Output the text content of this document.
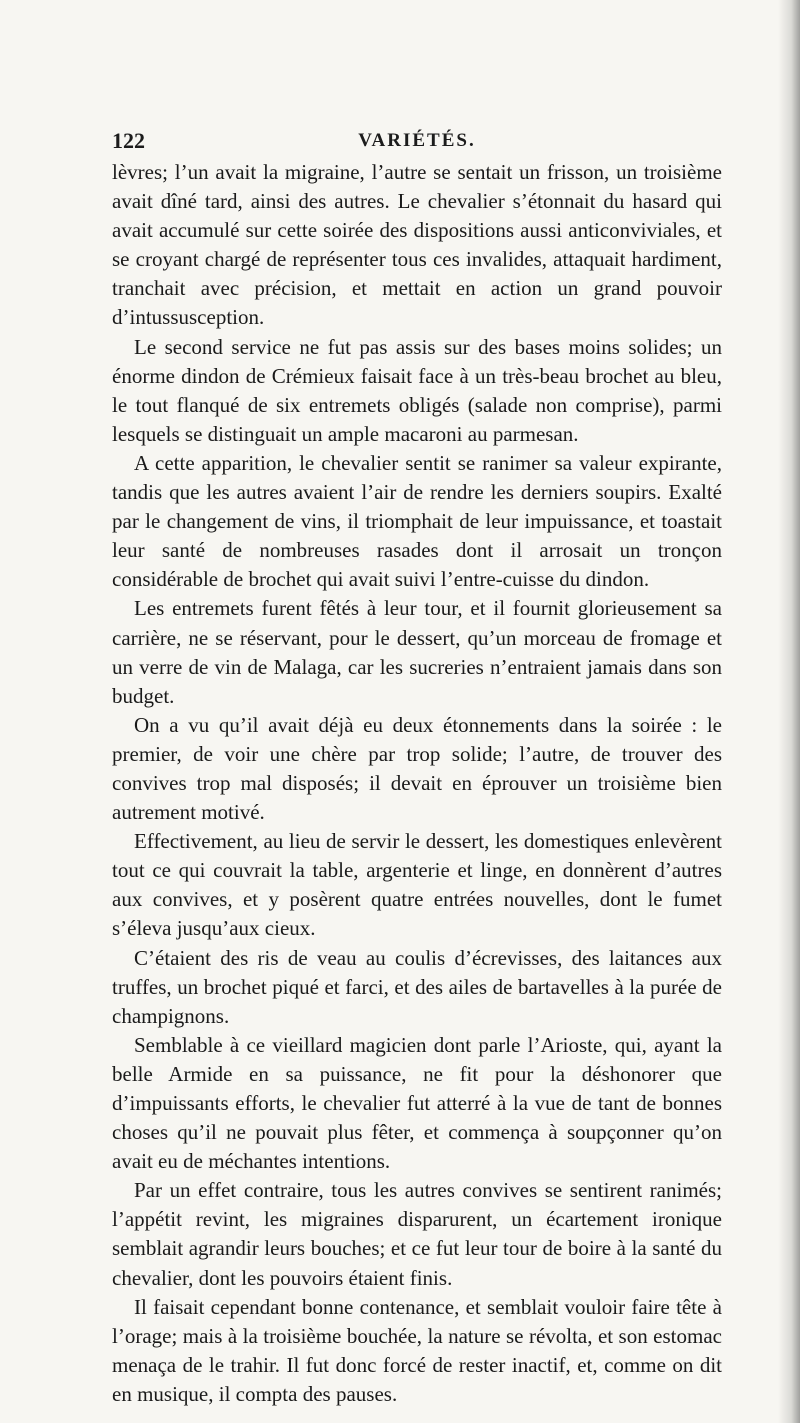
122	VARIÉTÉS.

lèvres; l’un avait la migraine, l’autre se sentait un frisson, un troisième avait dîné tard, ainsi des autres. Le chevalier s’étonnait du hasard qui avait accumulé sur cette soirée des dispositions aussi anticonviviales, et se croyant chargé de représenter tous ces invalides, attaquait hardiment, tranchait avec précision, et mettait en action un grand pouvoir d’intussusception.

Le second service ne fut pas assis sur des bases moins solides; un énorme dindon de Crémieux faisait face à un très-beau brochet au bleu, le tout flanqué de six entremets obligés (salade non comprise), parmi lesquels se distinguait un ample macaroni au parmesan.

A cette apparition, le chevalier sentit se ranimer sa valeur expirante, tandis que les autres avaient l’air de rendre les derniers soupirs. Exalté par le changement de vins, il triomphait de leur impuissance, et toastait leur santé de nombreuses rasades dont il arrosait un tronçon considérable de brochet qui avait suivi l’entre-cuisse du dindon.

Les entremets furent fêtés à leur tour, et il fournit glorieusement sa carrière, ne se réservant, pour le dessert, qu’un morceau de fromage et un verre de vin de Malaga, car les sucreries n’entraient jamais dans son budget.

On a vu qu’il avait déjà eu deux étonnements dans la soirée : le premier, de voir une chère par trop solide; l’autre, de trouver des convives trop mal disposés; il devait en éprouver un troisième bien autrement motivé.

Effectivement, au lieu de servir le dessert, les domestiques enlevèrent tout ce qui couvrait la table, argenterie et linge, en donnèrent d’autres aux convives, et y posèrent quatre entrées nouvelles, dont le fumet s’éleva jusqu’aux cieux.

C’étaient des ris de veau au coulis d’écrevisses, des laitances aux truffes, un brochet piqué et farci, et des ailes de bartavelles à la purée de champignons.

Semblable à ce vieillard magicien dont parle l’Arioste, qui, ayant la belle Armide en sa puissance, ne fit pour la déshonorer que d’impuissants efforts, le chevalier fut atterré à la vue de tant de bonnes choses qu’il ne pouvait plus fêter, et commença à soupçonner qu’on avait eu de méchantes intentions.

Par un effet contraire, tous les autres convives se sentirent ranimés; l’appétit revint, les migraines disparurent, un écartement ironique semblait agrandir leurs bouches; et ce fut leur tour de boire à la santé du chevalier, dont les pouvoirs étaient finis.

Il faisait cependant bonne contenance, et semblait vouloir faire tête à l’orage; mais à la troisième bouchée, la nature se révolta, et son estomac menaça de le trahir. Il fut donc forcé de rester inactif, et, comme on dit en musique, il compta des pauses.
